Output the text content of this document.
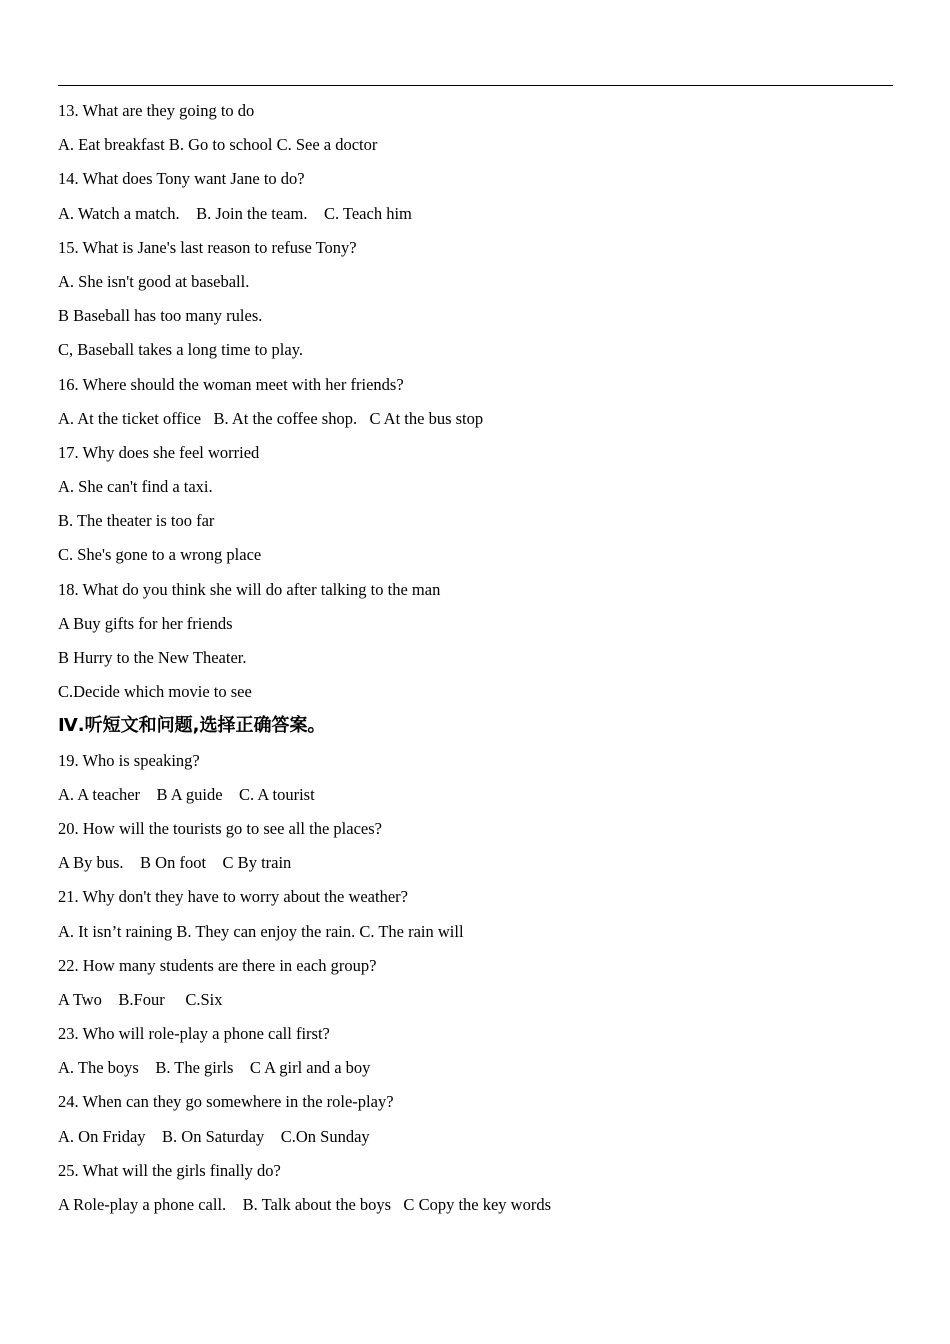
13. What are they going to do
A. Eat breakfast B. Go to school C. See a doctor
14. What does Tony want Jane to do?
A. Watch a match.    B. Join the team.    C. Teach him
15. What is Jane's last reason to refuse Tony?
A. She isn't good at baseball.
B Baseball has too many rules.
C, Baseball takes a long time to play.
16. Where should the woman meet with her friends?
A. At the ticket office   B. At the coffee shop.   C At the bus stop
17. Why does she feel worried
A. She can't find a taxi.
B. The theater is too far
C. She's gone to a wrong place
18. What do you think she will do after talking to the man
A Buy gifts for her friends
B Hurry to the New Theater.
C.Decide which movie to see
Ⅳ.听短文和问题,选择正确答案。
19. Who is speaking?
A. A teacher    B A guide    C. A tourist
20. How will the tourists go to see all the places?
A By bus.    B On foot    C By train
21. Why don't they have to worry about the weather?
A. It isn’t raining B. They can enjoy the rain. C. The rain will
22. How many students are there in each group?
A Two    B.Four     C.Six
23. Who will role-play a phone call first?
A. The boys    B. The girls    C A girl and a boy
24. When can they go somewhere in the role-play?
A. On Friday    B. On Saturday    C.On Sunday
25. What will the girls finally do?
A Role-play a phone call.    B. Talk about the boys   C Copy the key words
